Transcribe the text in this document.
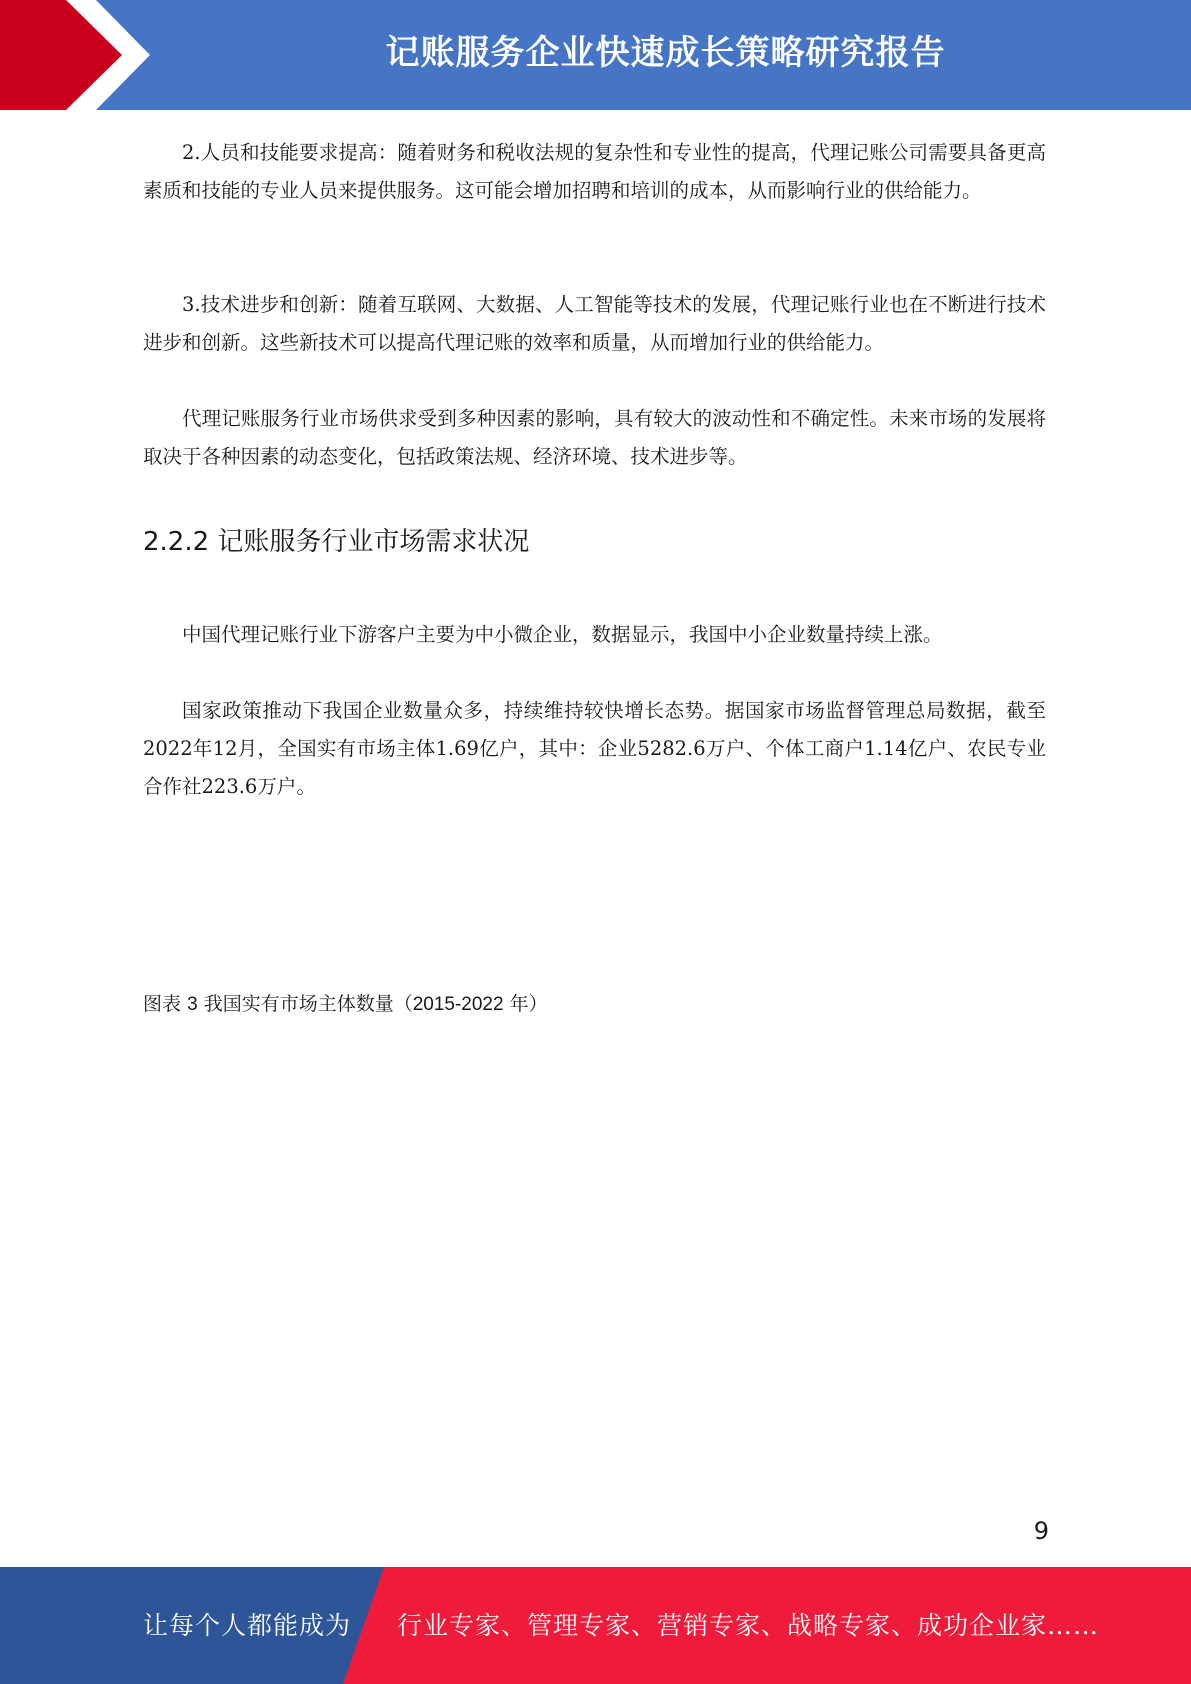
记账服务企业快速成长策略研究报告

2.人员和技能要求提高：随着财务和税收法规的复杂性和专业性的提高，代理记账公司需要具备更高素质和技能的专业人员来提供服务。这可能会增加招聘和培训的成本，从而影响行业的供给能力。

3.技术进步和创新：随着互联网、大数据、人工智能等技术的发展，代理记账行业也在不断进行技术进步和创新。这些新技术可以提高代理记账的效率和质量，从而增加行业的供给能力。

代理记账服务行业市场供求受到多种因素的影响，具有较大的波动性和不确定性。未来市场的发展将取决于各种因素的动态变化，包括政策法规、经济环境、技术进步等。

2.2.2 记账服务行业市场需求状况

中国代理记账行业下游客户主要为中小微企业，数据显示，我国中小企业数量持续上涨。

国家政策推动下我国企业数量众多，持续维持较快增长态势。据国家市场监督管理总局数据，截至2022年12月，全国实有市场主体1.69亿户，其中：企业5282.6万户、个体工商户1.14亿户、农民专业合作社223.6万户。

图表 3 我国实有市场主体数量（2015-2022 年）
9
让每个人都能成为 行业专家、管理专家、营销专家、战略专家、成功企业家……
